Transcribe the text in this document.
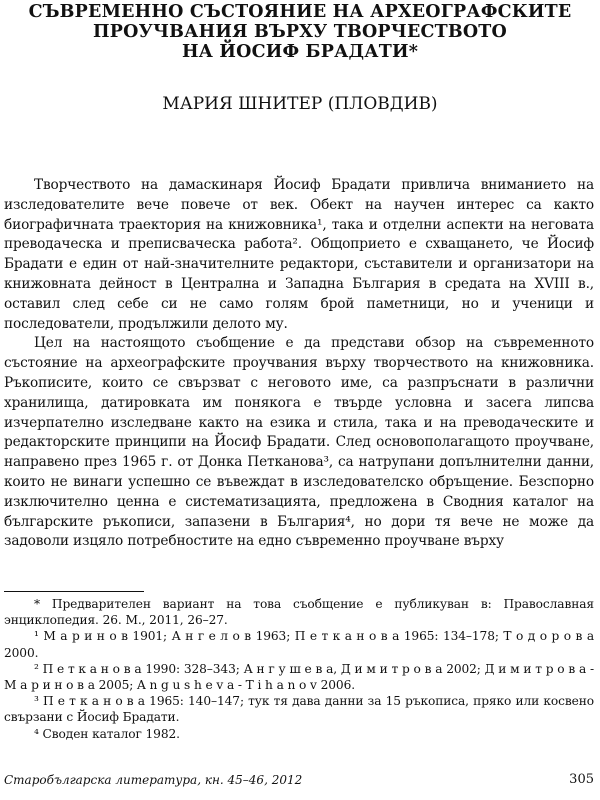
СЪВРЕМЕННО СЪСТОЯНИЕ НА АРХЕОГРАФСКИТЕ
ПРОУЧВАНИЯ ВЪРХУ ТВОРЧЕСТВОТО
НА ЙОСИФ БРАДАТИ*
МАРИЯ ШНИТЕР (ПЛОВДИВ)

Творчеството на дамаскинаря Йосиф Брадати привлича вниманието на изследователите вече повече от век. Обект на научен интерес са както биографичната траектория на книжовника¹, така и отделни аспекти на неговата преводаческа и преписваческа работа². Общоприето е схващането, че Йосиф Брадати е един от най-значителните редактори, съставители и организатори на книжовната дейност в Централна и Западна България в средата на XVIII в., оставил след себе си не само голям брой паметници, но и ученици и последователи, продължили делото му.

Цел на настоящото съобщение е да представи обзор на съвременното състояние на археографските проучвания върху творчеството на книжовника. Ръкописите, които се свързват с неговото име, са разпръснати в различни хранилища, датировката им понякога е твърде условна и засега липсва изчерпателно изследване както на езика и стила, така и на преводаческите и редакторските принципи на Йосиф Брадати. След основополагащото проучване, направено през 1965 г. от Донка Петканова³, са натрупани допълнителни данни, които не винаги успешно се въвеждат в изследователско обръщение. Безспорно изключително ценна е систематизацията, предложена в Сводния каталог на българските ръкописи, запазени в България⁴, но дори тя вече не може да задоволи изцяло потребностите на едно съвременно проучване върху

* Предварителен вариант на това съобщение е публикуван в: Православная энциклопедия. 26. М., 2011, 26–27.

¹ М а р и н о в 1901; А н г е л о в 1963; П е т к а н о в а 1965: 134–178; Т о д о р о в а 2000.

² П е т к а н о в а 1990: 328–343; А н г у ш е в а, Д и м и т р о в а 2002; Д и м и т р о в а - М а р и н о в а 2005; A n g u s h e v a - T i h a n o v 2006.

³ П е т к а н о в а 1965: 140–147; тук тя дава данни за 15 ръкописа, пряко или косвено свързани с Йосиф Брадати.

⁴ Сводeн каталог 1982.

Старобългарска литература, кн. 45–46, 2012	305
